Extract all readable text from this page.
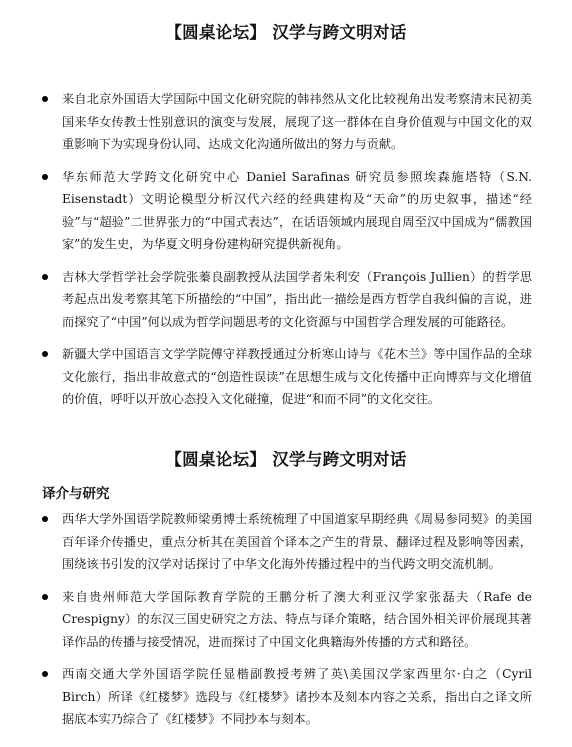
【圆桌论坛】 汉学与跨文明对话
来自北京外国语大学国际中国文化研究院的韩祎然从文化比较视角出发考察清末民初美国来华女传教士性别意识的演变与发展，展现了这一群体在自身价值观与中国文化的双重影响下为实现身份认同、达成文化沟通所做出的努力与贡献。
华东师范大学跨文化研究中心 Daniel Sarafinas 研究员参照埃森施塔特（S.N. Eisenstadt）文明论模型分析汉代六经的经典建构及“天命”的历史叙事，描述“经验”与“超验”二世界张力的“中国式表达”，在话语领域内展现自周至汉中国成为“儒教国家”的发生史，为华夏文明身份建构研究提供新视角。
吉林大学哲学社会学院张蓁良副教授从法国学者朱利安（François Jullien）的哲学思考起点出发考察其笔下所描绘的“中国”，指出此一描绘是西方哲学自我纠偏的言说，进而探究了“中国”何以成为哲学问题思考的文化资源与中国哲学合理发展的可能路径。
新疆大学中国语言文学学院傅守祥教授通过分析寒山诗与《花木兰》等中国作品的全球文化旅行，指出非故意式的“创造性误读”在思想生成与文化传播中正向博弈与文化增值的价值，呼吁以开放心态投入文化碰撞，促进“和而不同”的文化交往。
【圆桌论坛】 汉学与跨文明对话
译介与研究
西华大学外国语学院教师梁勇博士系统梳理了中国道家早期经典《周易参同契》的美国百年译介传播史，重点分析其在美国首个译本之产生的背景、翻译过程及影响等因素，围绕该书引发的汉学对话探讨了中华文化海外传播过程中的当代跨文明交流机制。
来自贵州师范大学国际教育学院的王鹏分析了澳大利亚汉学家张磊夫（Rafe de Crespigny）的东汉三国史研究之方法、特点与译介策略，结合国外相关评价展现其著译作品的传播与接受情况，进而探讨了中国文化典籍海外传播的方式和路径。
西南交通大学外国语学院任显楷副教授考辨了英\美国汉学家西里尔·白之（Cyril Birch）所译《红楼梦》选段与《红楼梦》诸抄本及刻本内容之关系，指出白之译文所据底本实乃综合了《红楼梦》不同抄本与刻本。
